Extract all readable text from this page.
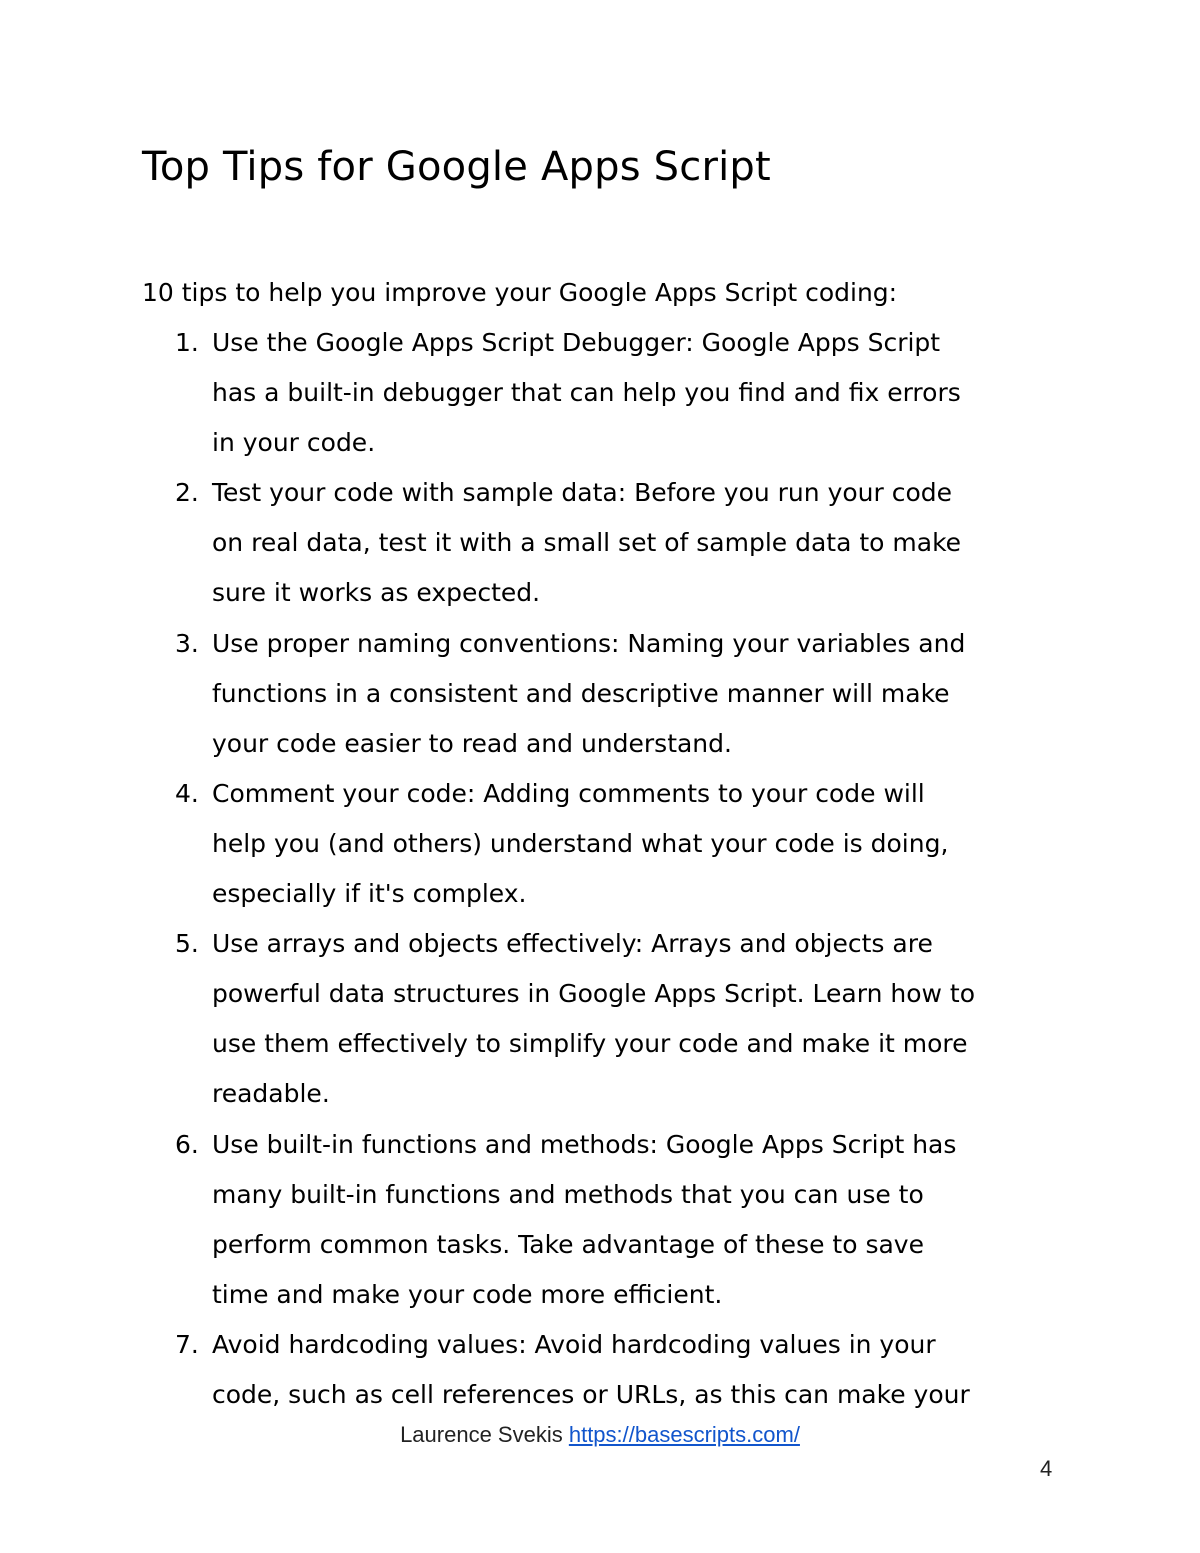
Top Tips for Google Apps Script

10 tips to help you improve your Google Apps Script coding:

1. Use the Google Apps Script Debugger: Google Apps Script
has a built-in debugger that can help you find and fix errors
in your code.
2. Test your code with sample data: Before you run your code
on real data, test it with a small set of sample data to make
sure it works as expected.
3. Use proper naming conventions: Naming your variables and
functions in a consistent and descriptive manner will make
your code easier to read and understand.
4. Comment your code: Adding comments to your code will
help you (and others) understand what your code is doing,
especially if it's complex.
5. Use arrays and objects effectively: Arrays and objects are
powerful data structures in Google Apps Script. Learn how to
use them effectively to simplify your code and make it more
readable.
6. Use built-in functions and methods: Google Apps Script has
many built-in functions and methods that you can use to
perform common tasks. Take advantage of these to save
time and make your code more efficient.
7. Avoid hardcoding values: Avoid hardcoding values in your
code, such as cell references or URLs, as this can make your
Laurence Svekis https://basescripts.com/
4
